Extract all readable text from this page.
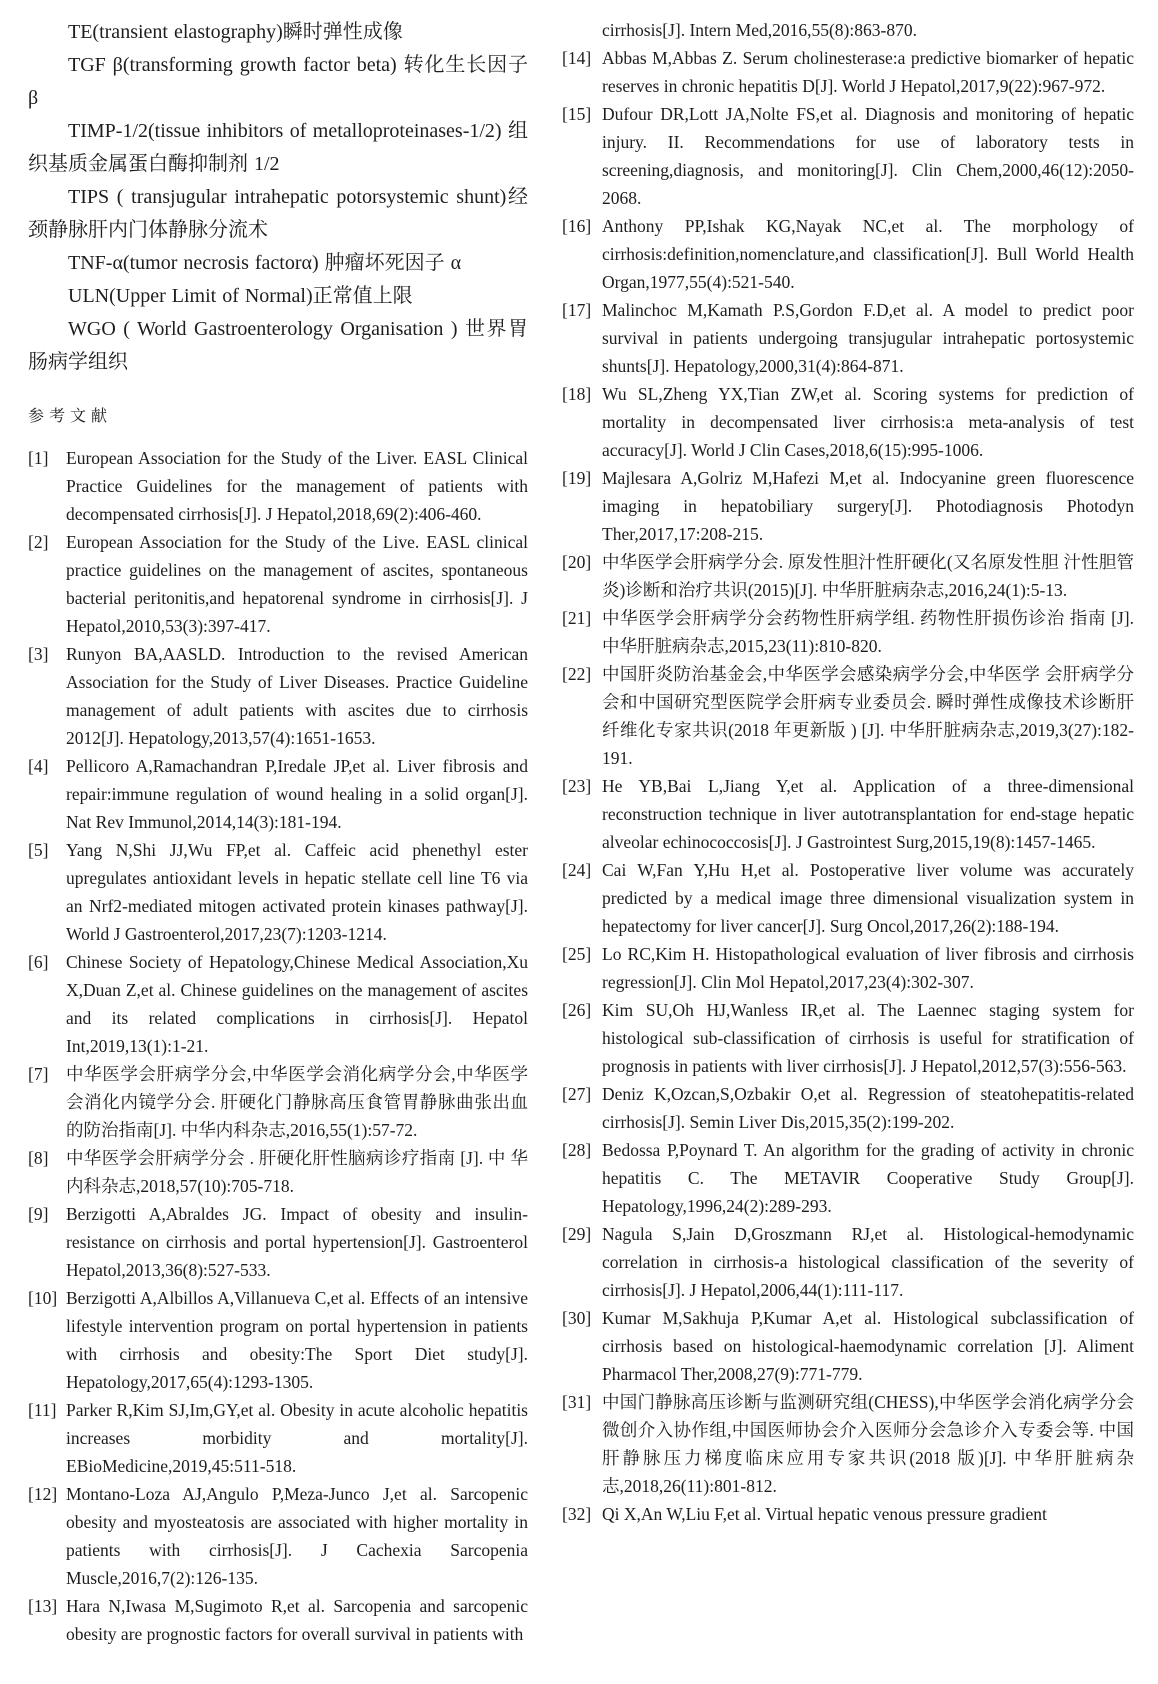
TE(transient elastography)瞬时弹性成像

TGF β(transforming growth factor beta) 转化生长因子 β

TIMP-1/2(tissue inhibitors of metalloproteinases-1/2) 组织基质金属蛋白酶抑制剂 1/2

TIPS ( transjugular intrahepatic potorsystemic shunt)经颈静脉肝内门体静脉分流术

TNF-α(tumor necrosis factorα) 肿瘤坏死因子 α

ULN(Upper Limit of Normal)正常值上限

WGO ( World Gastroenterology Organisation ) 世界胃肠病学组织

参考文献
[1]	European Association for the Study of the Liver. EASL Clinical Practice Guidelines for the management of patients with decompensated cirrhosis[J]. J Hepatol,2018,69(2):406-460.
[2]	European Association for the Study of the Live. EASL clinical practice guidelines on the management of ascites, spontaneous bacterial peritonitis,and hepatorenal syndrome in cirrhosis[J]. J Hepatol,2010,53(3):397-417.
[3]	Runyon BA,AASLD. Introduction to the revised American Association for the Study of Liver Diseases. Practice Guideline management of adult patients with ascites due to cirrhosis 2012[J]. Hepatology,2013,57(4):1651-1653.
[4]	Pellicoro A,Ramachandran P,Iredale JP,et al. Liver fibrosis and repair:immune regulation of wound healing in a solid organ[J]. Nat Rev Immunol,2014,14(3):181-194.
[5]	Yang N,Shi JJ,Wu FP,et al. Caffeic acid phenethyl ester upregulates antioxidant levels in hepatic stellate cell line T6 via an Nrf2-mediated mitogen activated protein kinases pathway[J]. World J Gastroenterol,2017,23(7):1203-1214.
[6]	Chinese Society of Hepatology,Chinese Medical Association,Xu X,Duan Z,et al. Chinese guidelines on the management of ascites and its related complications in cirrhosis[J]. Hepatol Int,2019,13(1):1-21.
[7]	中华医学会肝病学分会,中华医学会消化病学分会,中华医学 会消化内镜学分会. 肝硬化门静脉高压食管胃静脉曲张出血的防治指南[J]. 中华内科杂志,2016,55(1):57-72.
[8]	中华医学会肝病学分会 . 肝硬化肝性脑病诊疗指南 [J]. 中 华内科杂志,2018,57(10):705-718.
[9]	Berzigotti A,Abraldes JG. Impact of obesity and insulin-resistance on cirrhosis and portal hypertension[J]. Gastroenterol Hepatol,2013,36(8):527-533.
[10] Berzigotti A,Albillos A,Villanueva C,et al. Effects of an intensive lifestyle intervention program on portal hypertension in patients with cirrhosis and obesity:The Sport Diet study[J]. Hepatology,2017,65(4):1293-1305.
[11] Parker R,Kim SJ,Im,GY,et al. Obesity in acute alcoholic hepatitis increases morbidity and mortality[J]. EBioMedicine,2019,45:511-518.
[12] Montano-Loza AJ,Angulo P,Meza-Junco J,et al. Sarcopenic obesity and myosteatosis are associated with higher mortality in patients with cirrhosis[J]. J Cachexia Sarcopenia Muscle,2016,7(2):126-135.
[13] Hara N,Iwasa M,Sugimoto R,et al. Sarcopenia and sarcopenic obesity are prognostic factors for overall survival in patients with

cirrhosis[J]. Intern Med,2016,55(8):863-870.

[14] Abbas M,Abbas Z. Serum cholinesterase:a predictive biomarker of hepatic reserves in chronic hepatitis D[J]. World J Hepatol,2017,9(22):967-972.
[15] Dufour DR,Lott JA,Nolte FS,et al. Diagnosis and monitoring of hepatic injury. II. Recommendations for use of laboratory tests in screening,diagnosis, and monitoring[J]. Clin Chem,2000,46(12):2050-2068.
[16] Anthony PP,Ishak KG,Nayak NC,et al. The morphology of cirrhosis:definition,nomenclature,and classification[J]. Bull World Health Organ,1977,55(4):521-540.
[17] Malinchoc M,Kamath P.S,Gordon F.D,et al. A model to predict poor survival in patients undergoing transjugular intrahepatic portosystemic shunts[J]. Hepatology,2000,31(4):864-871.
[18] Wu SL,Zheng YX,Tian ZW,et al. Scoring systems for prediction of mortality in decompensated liver cirrhosis:a meta-analysis of test accuracy[J]. World J Clin Cases,2018,6(15):995-1006.
[19] Majlesara A,Golriz M,Hafezi M,et al. Indocyanine green fluorescence imaging in hepatobiliary surgery[J]. Photodiagnosis Photodyn Ther,2017,17:208-215.
[20] 中华医学会肝病学分会. 原发性胆汁性肝硬化(又名原发性胆 汁性胆管炎)诊断和治疗共识(2015)[J]. 中华肝脏病杂志,2016,24(1):5-13.
[21] 中华医学会肝病学分会药物性肝病学组. 药物性肝损伤诊治 指南 [J]. 中华肝脏病杂志,2015,23(11):810-820.
[22] 中国肝炎防治基金会,中华医学会感染病学分会,中华医学 会肝病学分会和中国研究型医院学会肝病专业委员会. 瞬时弹性成像技术诊断肝纤维化专家共识(2018 年更新版 ) [J]. 中华肝脏病杂志,2019,3(27):182-191.
[23] He YB,Bai L,Jiang Y,et al. Application of a three-dimensional reconstruction technique in liver autotransplantation for end-stage hepatic alveolar echinococcosis[J]. J Gastrointest Surg,2015,19(8):1457-1465.
[24] Cai W,Fan Y,Hu H,et al. Postoperative liver volume was accurately predicted by a medical image three dimensional visualization system in hepatectomy for liver cancer[J]. Surg Oncol,2017,26(2):188-194.
[25] Lo RC,Kim H. Histopathological evaluation of liver fibrosis and cirrhosis regression[J]. Clin Mol Hepatol,2017,23(4):302-307.
[26] Kim SU,Oh HJ,Wanless IR,et al. The Laennec staging system for histological sub-classification of cirrhosis is useful for stratification of prognosis in patients with liver cirrhosis[J]. J Hepatol,2012,57(3):556-563.
[27] Deniz K,Ozcan,S,Ozbakir O,et al. Regression of steatohepatitis-related cirrhosis[J]. Semin Liver Dis,2015,35(2):199-202.
[28] Bedossa P,Poynard T. An algorithm for the grading of activity in chronic hepatitis C. The METAVIR Cooperative Study Group[J]. Hepatology,1996,24(2):289-293.
[29] Nagula S,Jain D,Groszmann RJ,et al. Histological-hemodynamic correlation in cirrhosis-a histological classification of the severity of cirrhosis[J]. J Hepatol,2006,44(1):111-117.
[30] Kumar M,Sakhuja P,Kumar A,et al. Histological subclassification of cirrhosis based on histological-haemodynamic correlation [J]. Aliment Pharmacol Ther,2008,27(9):771-779.
[31] 中国门静脉高压诊断与监测研究组(CHESS),中华医学会消化病学分会微创介入协作组,中国医师协会介入医师分会急诊介入专委会等. 中国肝静脉压力梯度临床应用专家共识(2018 版)[J]. 中华肝脏病杂志,2018,26(11):801-812.
[32] Qi X,An W,Liu F,et al. Virtual hepatic venous pressure gradient
